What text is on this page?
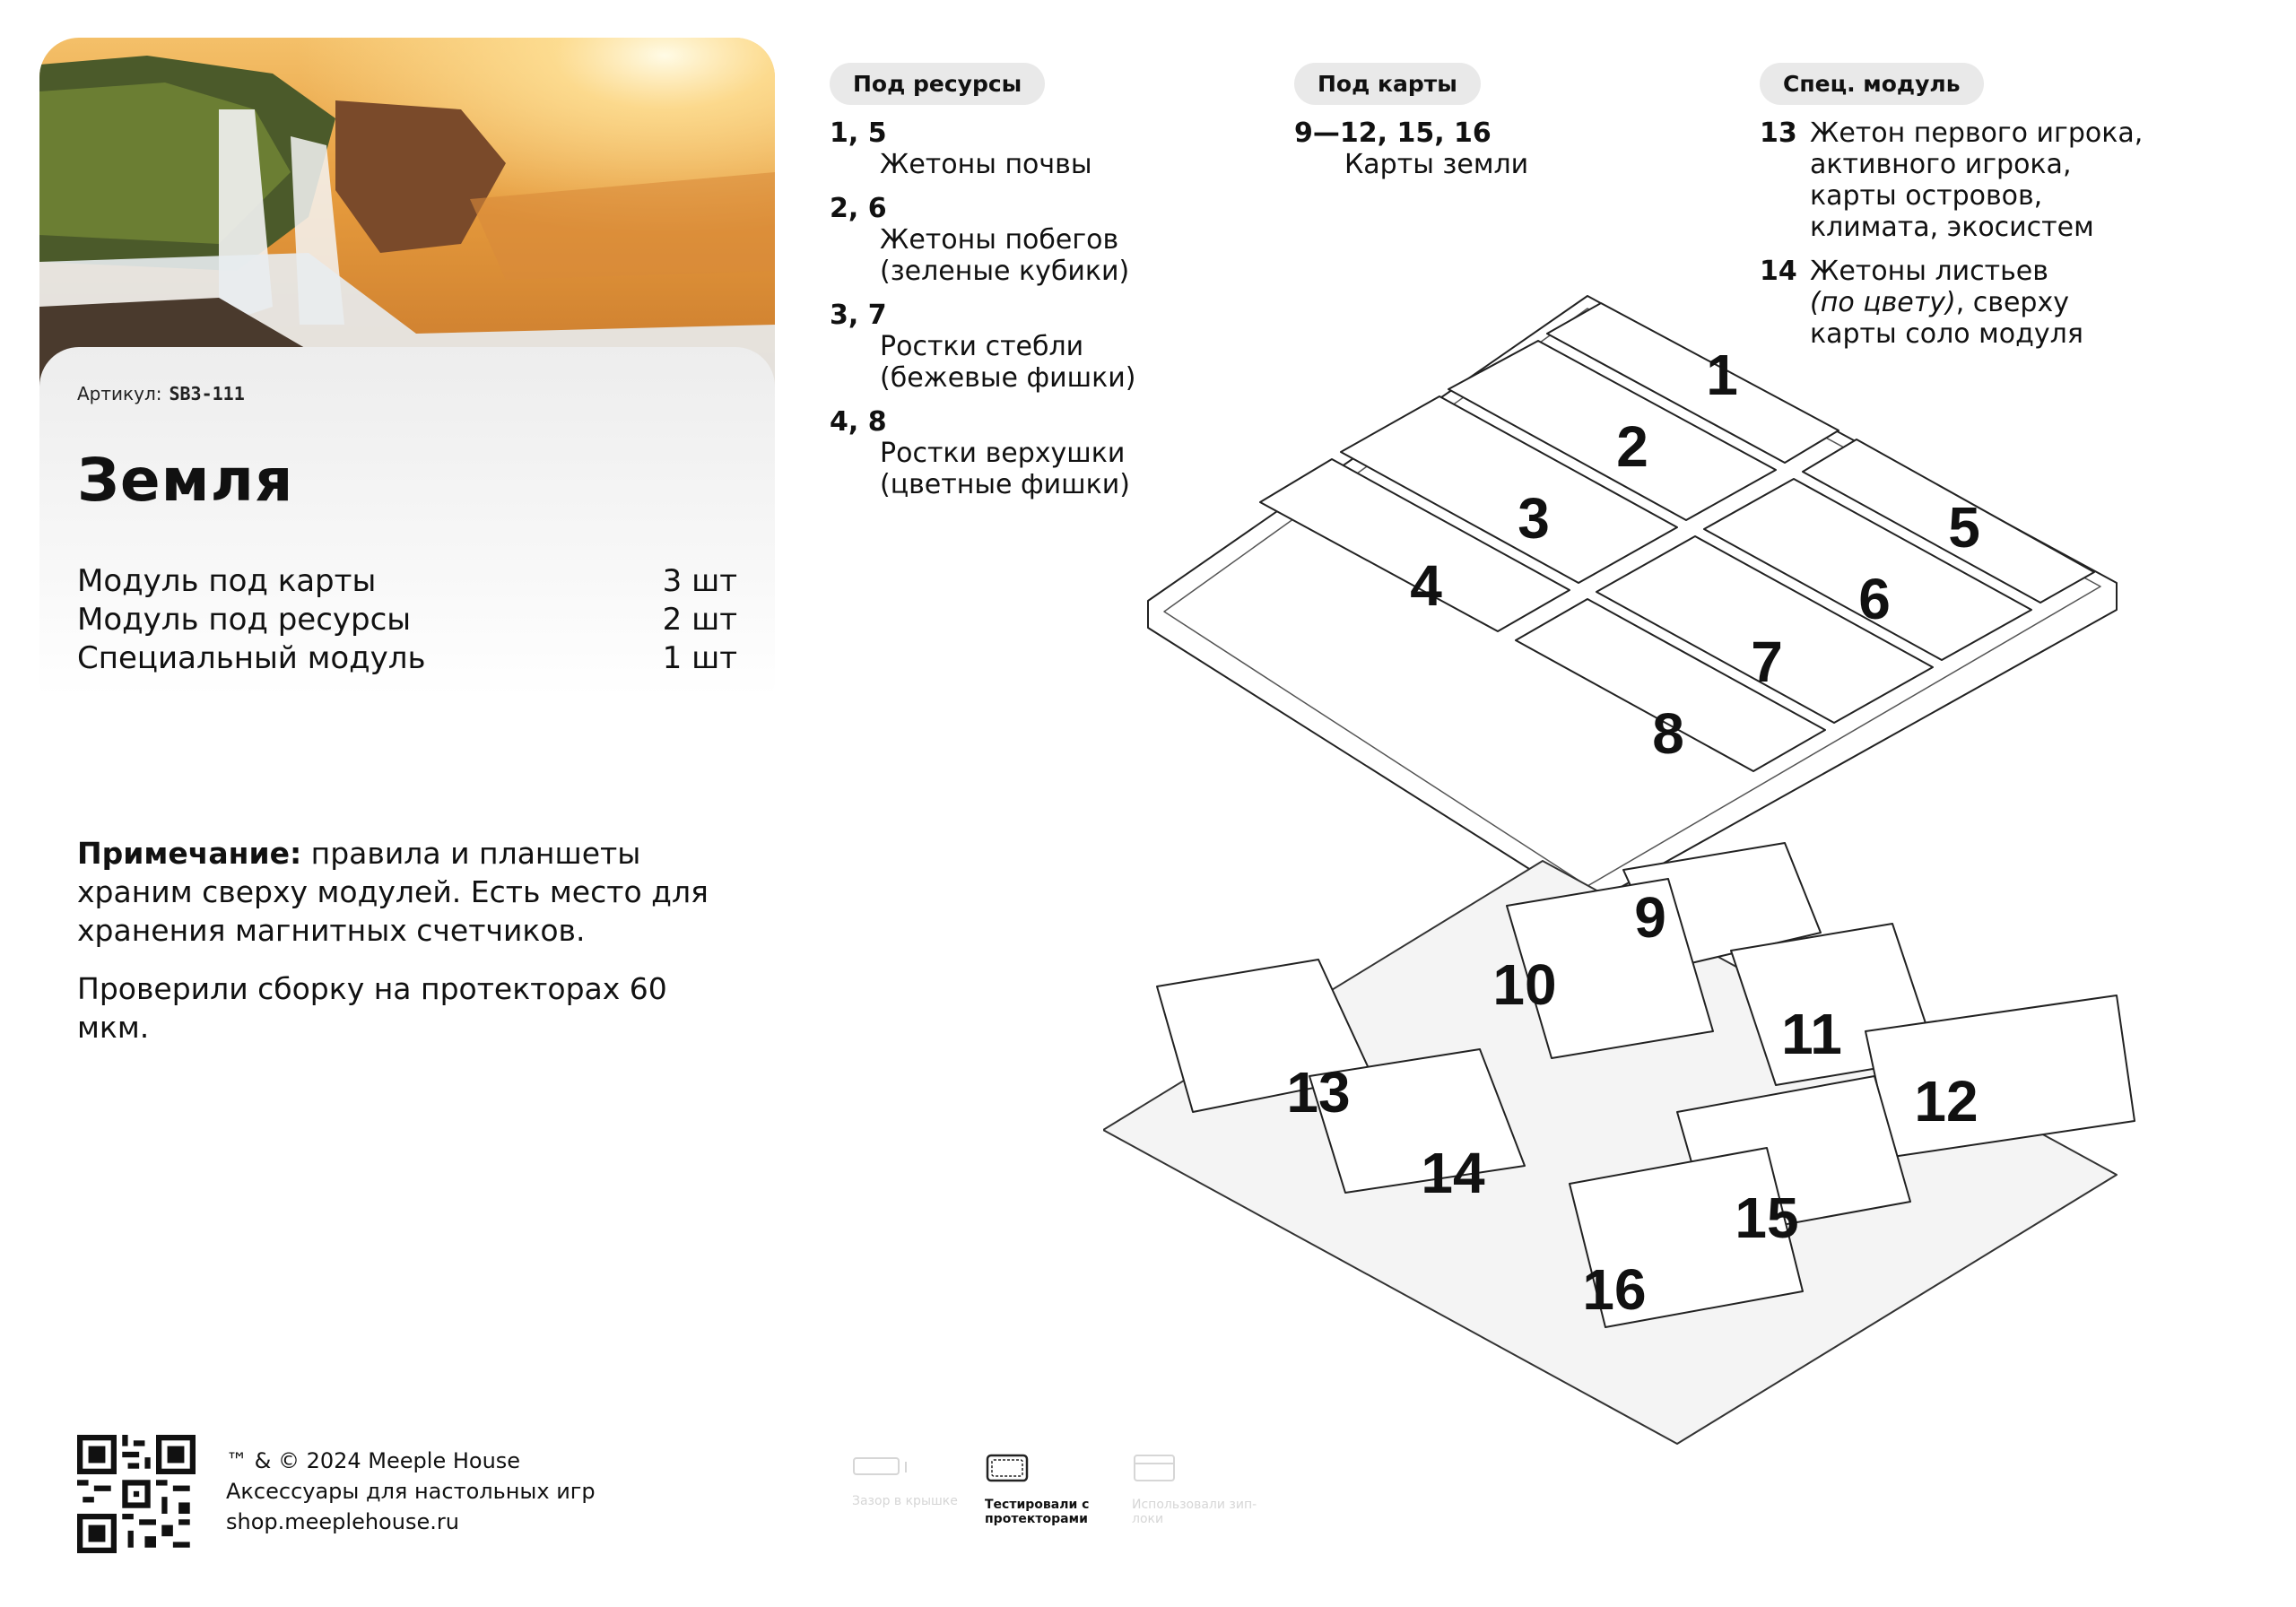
Артикул: SB3-111
Земля
Модуль под карты	3 шт
Модуль под ресурсы	2 шт
Специальный модуль	1 шт

Примечание: правила и планшеты храним сверху модулей. Есть место для хранения магнитных счетчиков.

Проверили сборку на протекторах 60 мкм.

Под ресурсы
1, 5
Жетоны почвы
2, 6
Жетоны побегов (зеленые кубики)
3, 7
Ростки стебли (бежевые фишки)
4, 8
Ростки верхушки (цветные фишки)
Под карты
9—12, 15, 16
Карты земли
Спец. модуль
13 Жетон первого игрока, активного игрока, карты островов, климата, экосистем
14 Жетоны листьев
(по цвету), сверху карты соло модуля
1
2
3
4
5
6
7
8
9
10
11
12
13
14
15
16
™ & © 2024 Meeple House
Аксессуары для настольных игр
shop.meeplehouse.ru
Зазор в крышке	Тестировали с протекторами
Использовали зип-локи
